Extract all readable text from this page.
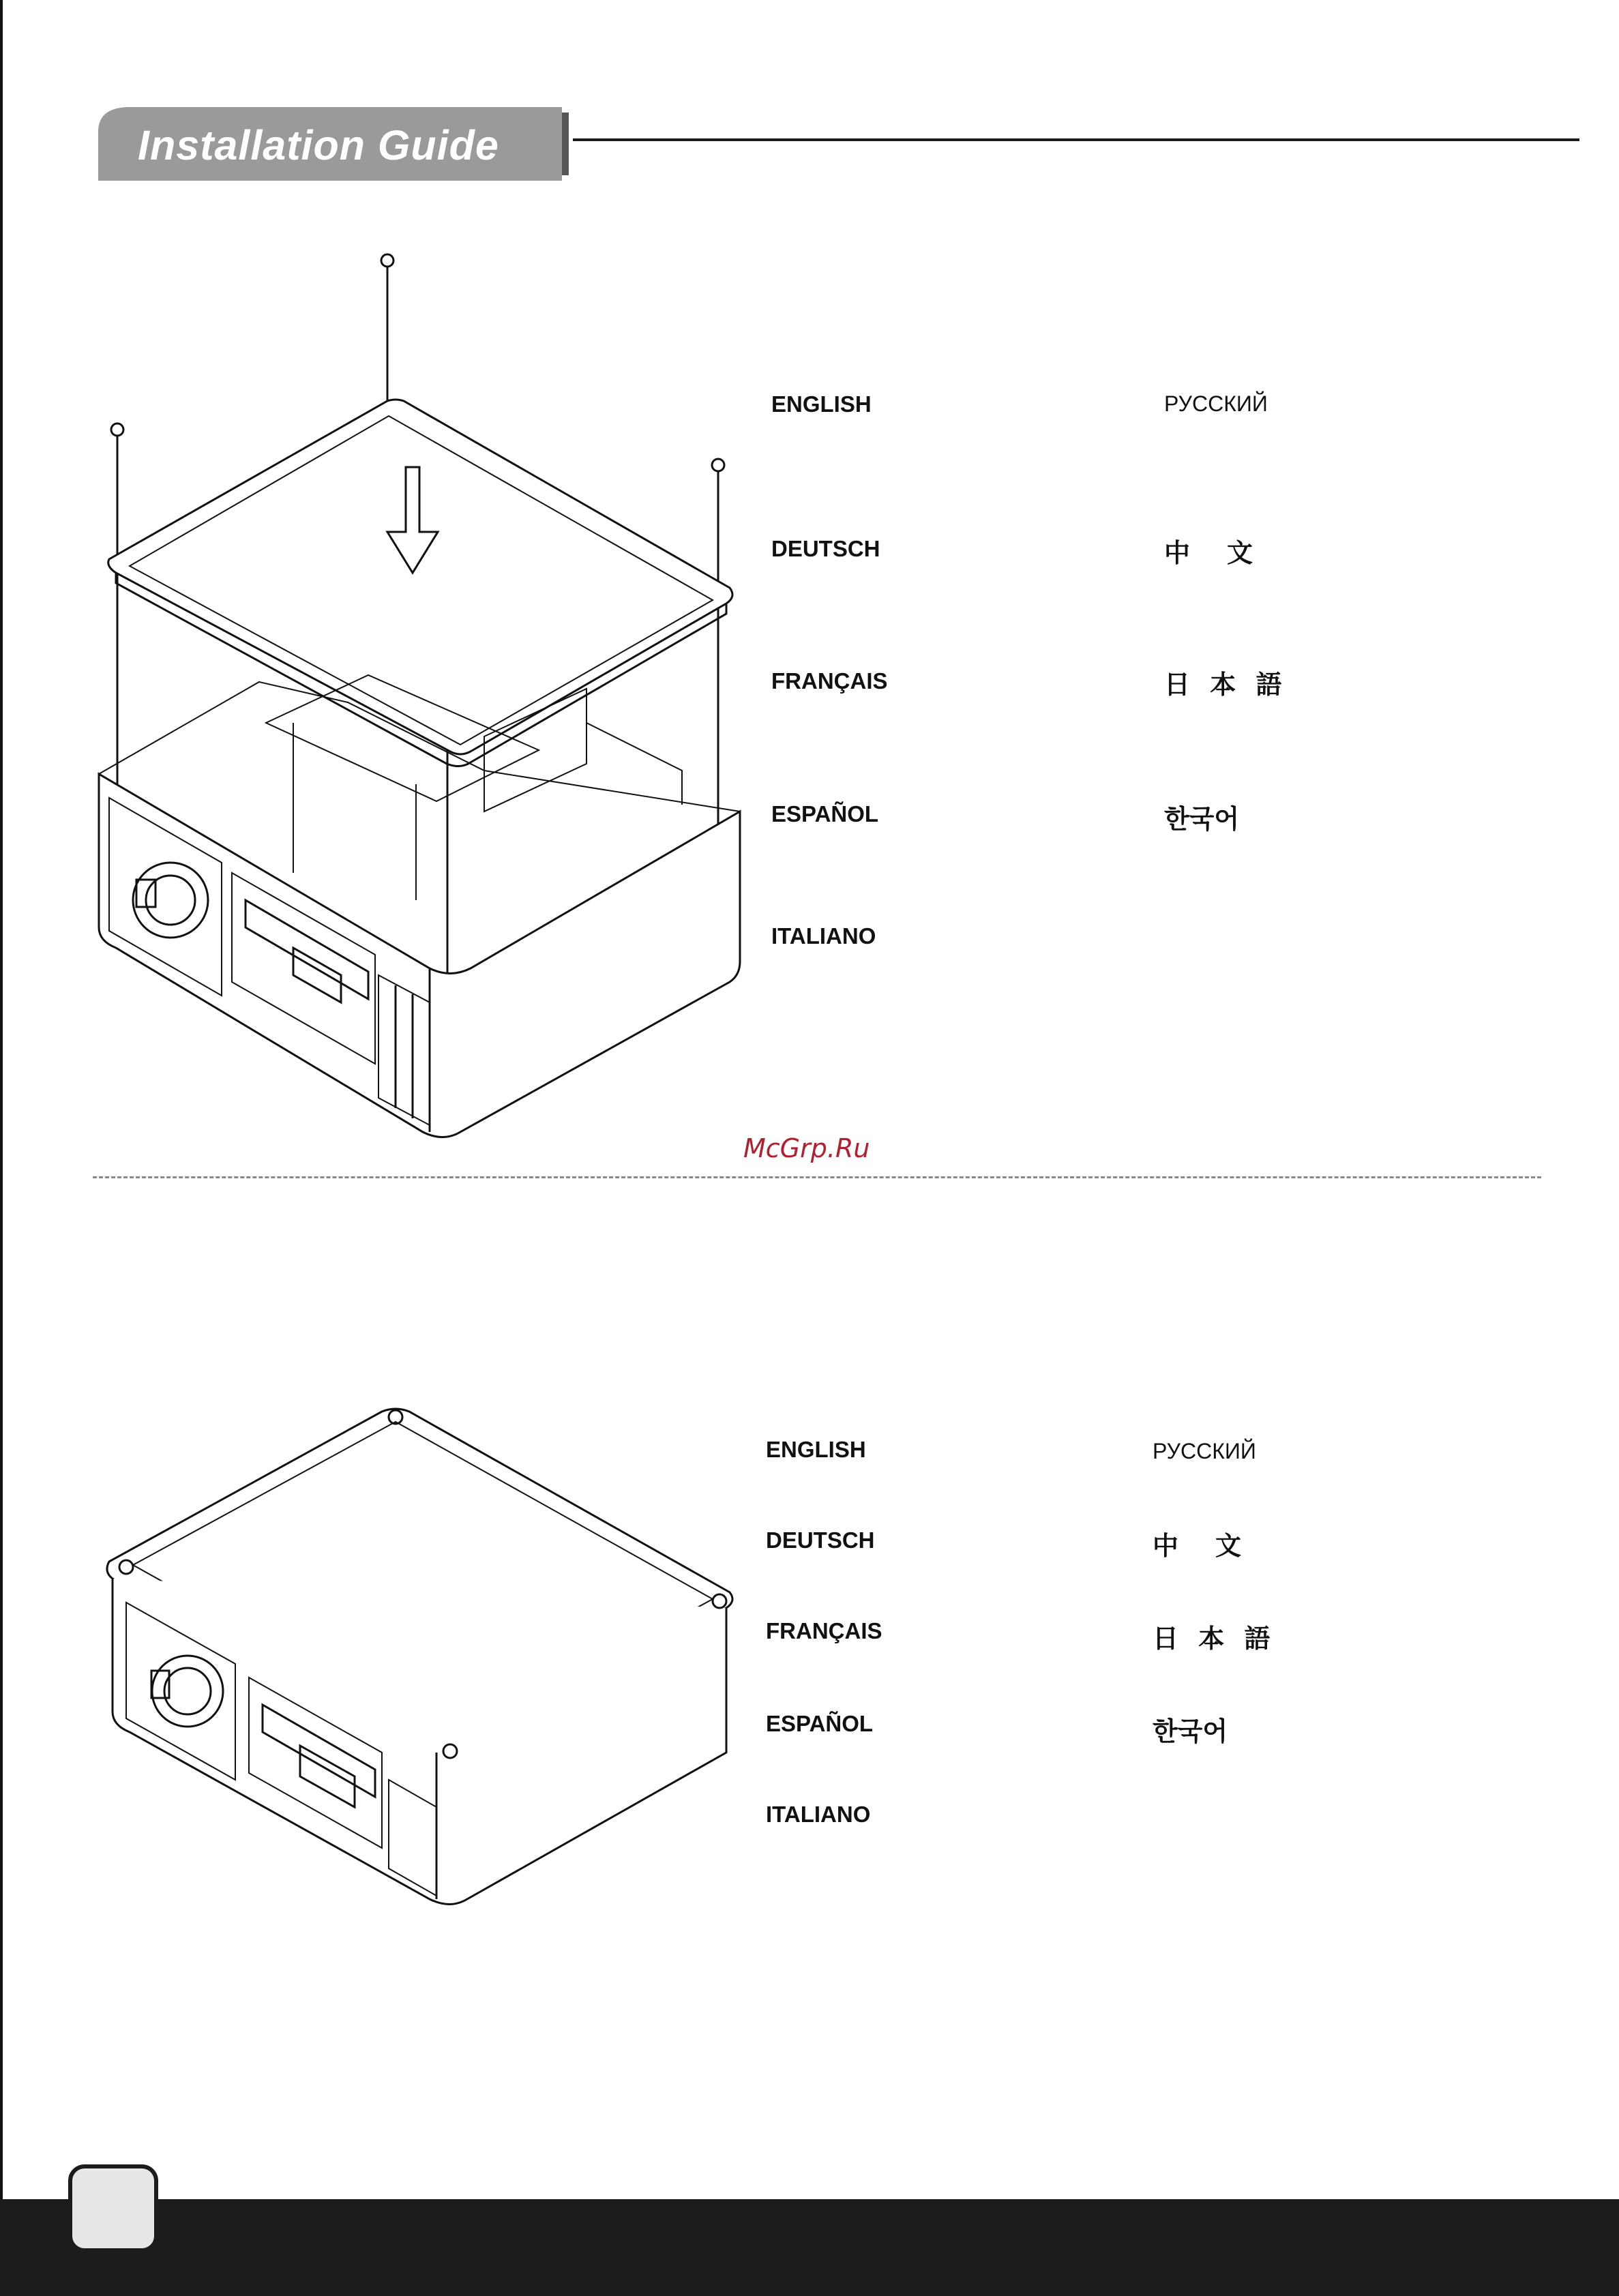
Installation Guide
ENGLISH
DEUTSCH
FRANÇAIS
ESPAÑOL
ITALIANO
РУССКИЙ
中　文
日 本 語
한국어
McGrp.Ru
ENGLISH
DEUTSCH
FRANÇAIS
ESPAÑOL
ITALIANO
РУССКИЙ
中　文
日 本 語
한국어
